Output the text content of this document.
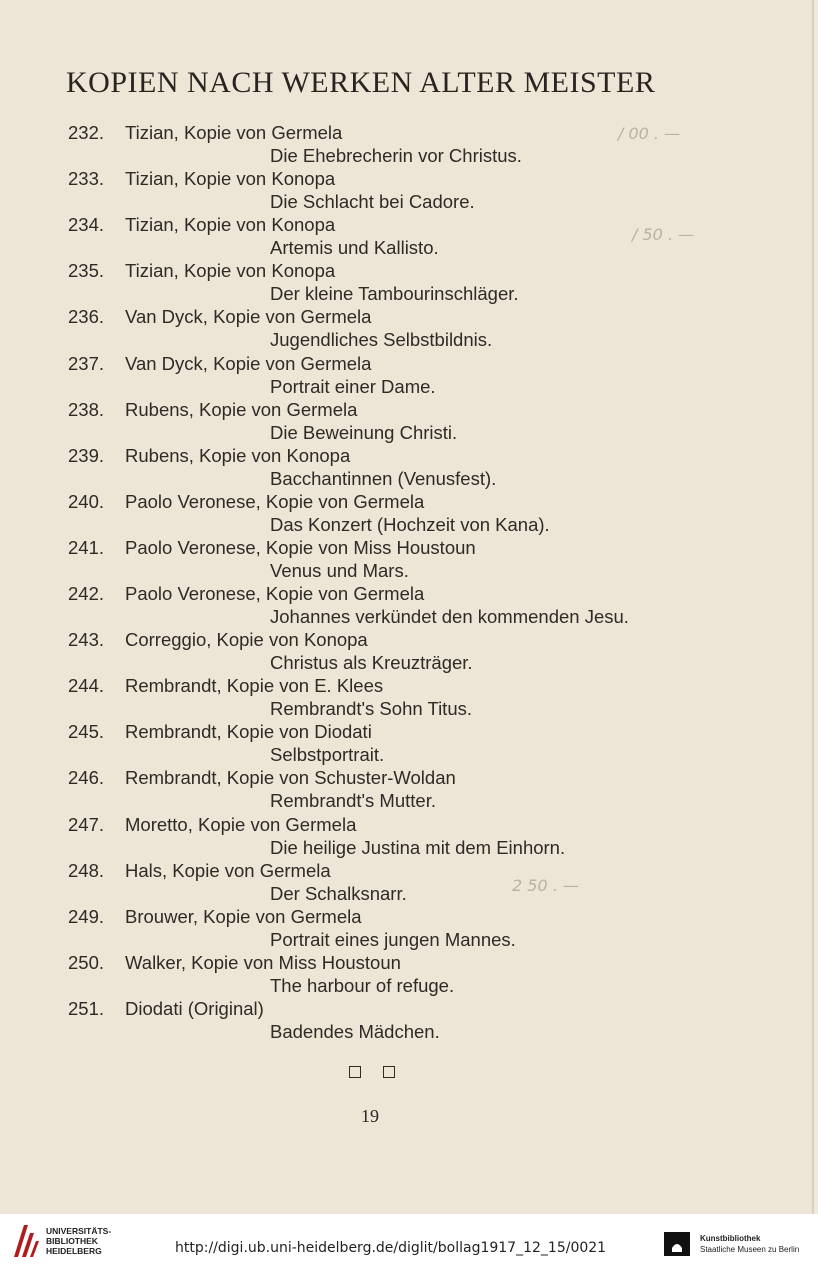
KOPIEN NACH WERKEN ALTER MEISTER
232. Tizian, Kopie von Germela
Die Ehebrecherin vor Christus.
233. Tizian, Kopie von Konopa
Die Schlacht bei Cadore.
234. Tizian, Kopie von Konopa
Artemis und Kallisto.
235. Tizian, Kopie von Konopa
Der kleine Tambourinschläger.
236. Van Dyck, Kopie von Germela
Jugendliches Selbstbildnis.
237. Van Dyck, Kopie von Germela
Portrait einer Dame.
238. Rubens, Kopie von Germela
Die Beweinung Christi.
239. Rubens, Kopie von Konopa
Bacchantinnen (Venusfest).
240. Paolo Veronese, Kopie von Germela
Das Konzert (Hochzeit von Kana).
241. Paolo Veronese, Kopie von Miss Houstoun
Venus und Mars.
242. Paolo Veronese, Kopie von Germela
Johannes verkündet den kommenden Jesu.
243. Correggio, Kopie von Konopa
Christus als Kreuzträger.
244. Rembrandt, Kopie von E. Klees
Rembrandt's Sohn Titus.
245. Rembrandt, Kopie von Diodati
Selbstportrait.
246. Rembrandt, Kopie von Schuster-Woldan
Rembrandt's Mutter.
247. Moretto, Kopie von Germela
Die heilige Justina mit dem Einhorn.
248. Hals, Kopie von Germela
Der Schalksnarr.
249. Brouwer, Kopie von Germela
Portrait eines jungen Mannes.
250. Walker, Kopie von Miss Houstoun
The harbour of refuge.
251. Diodati (Original)
Badendes Mädchen.
/ 00 . —
/ 50 . —
2 50 . —
19
UNIVERSITÄTS-
BIBLIOTHEK
HEIDELBERG	http://digi.ub.uni-heidelberg.de/diglit/bollag1917_12_15/0021
Kunstbibliothek
Staatliche Museen zu Berlin
